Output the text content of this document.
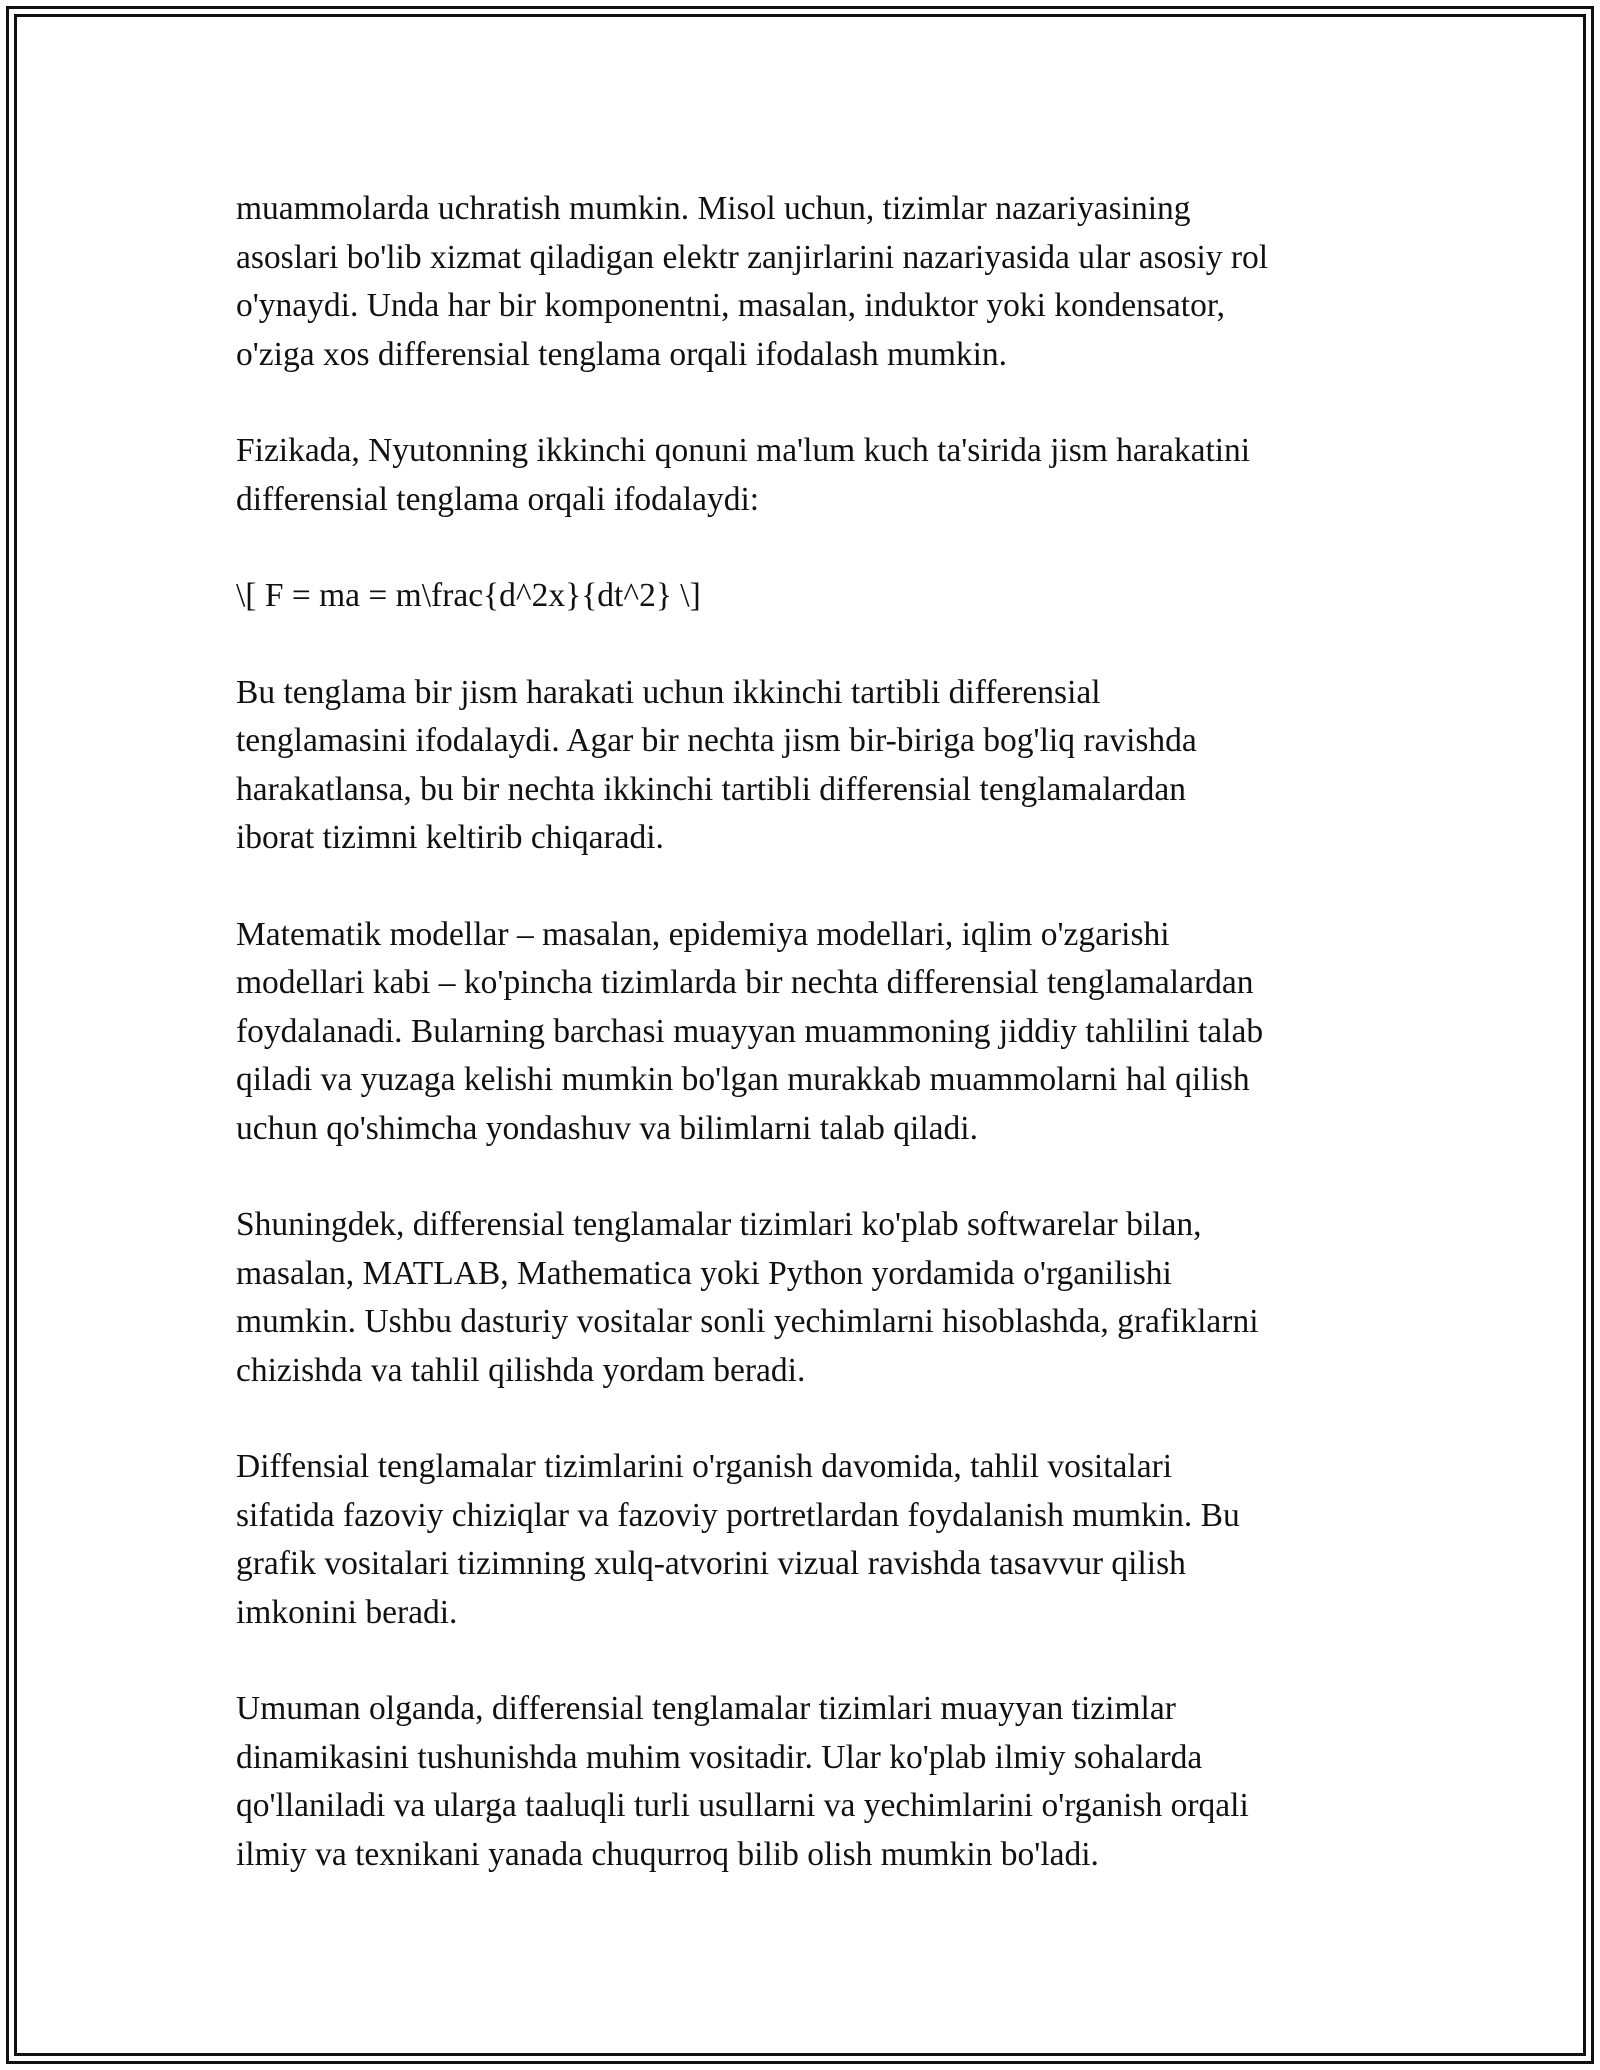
muammolarda uchratish mumkin. Misol uchun, tizimlar nazariyasining
asoslari bo'lib xizmat qiladigan elektr zanjirlarini nazariyasida ular asosiy rol
o'ynaydi. Unda har bir komponentni, masalan, induktor yoki kondensator,
o'ziga xos differensial tenglama orqali ifodalash mumkin.

Fizikada, Nyutonning ikkinchi qonuni ma'lum kuch ta'sirida jism harakatini
differensial tenglama orqali ifodalaydi:

\[ F = ma = m\frac{d^2x}{dt^2} \]

Bu tenglama bir jism harakati uchun ikkinchi tartibli differensial
tenglamasini ifodalaydi. Agar bir nechta jism bir-biriga bog'liq ravishda
harakatlansa, bu bir nechta ikkinchi tartibli differensial tenglamalardan
iborat tizimni keltirib chiqaradi.

Matematik modellar – masalan, epidemiya modellari, iqlim o'zgarishi
modellari kabi – ko'pincha tizimlarda bir nechta differensial tenglamalardan
foydalanadi. Bularning barchasi muayyan muammoning jiddiy tahlilini talab
qiladi va yuzaga kelishi mumkin bo'lgan murakkab muammolarni hal qilish
uchun qo'shimcha yondashuv va bilimlarni talab qiladi.

Shuningdek, differensial tenglamalar tizimlari ko'plab softwarelar bilan,
masalan, MATLAB, Mathematica yoki Python yordamida o'rganilishi
mumkin. Ushbu dasturiy vositalar sonli yechimlarni hisoblashda, grafiklarni
chizishda va tahlil qilishda yordam beradi.

Diffensial tenglamalar tizimlarini o'rganish davomida, tahlil vositalari
sifatida fazoviy chiziqlar va fazoviy portretlardan foydalanish mumkin. Bu
grafik vositalari tizimning xulq-atvorini vizual ravishda tasavvur qilish
imkonini beradi.

Umuman olganda, differensial tenglamalar tizimlari muayyan tizimlar
dinamikasini tushunishda muhim vositadir. Ular ko'plab ilmiy sohalarda
qo'llaniladi va ularga taaluqli turli usullarni va yechimlarini o'rganish orqali
ilmiy va texnikani yanada chuqurroq bilib olish mumkin bo'ladi.
